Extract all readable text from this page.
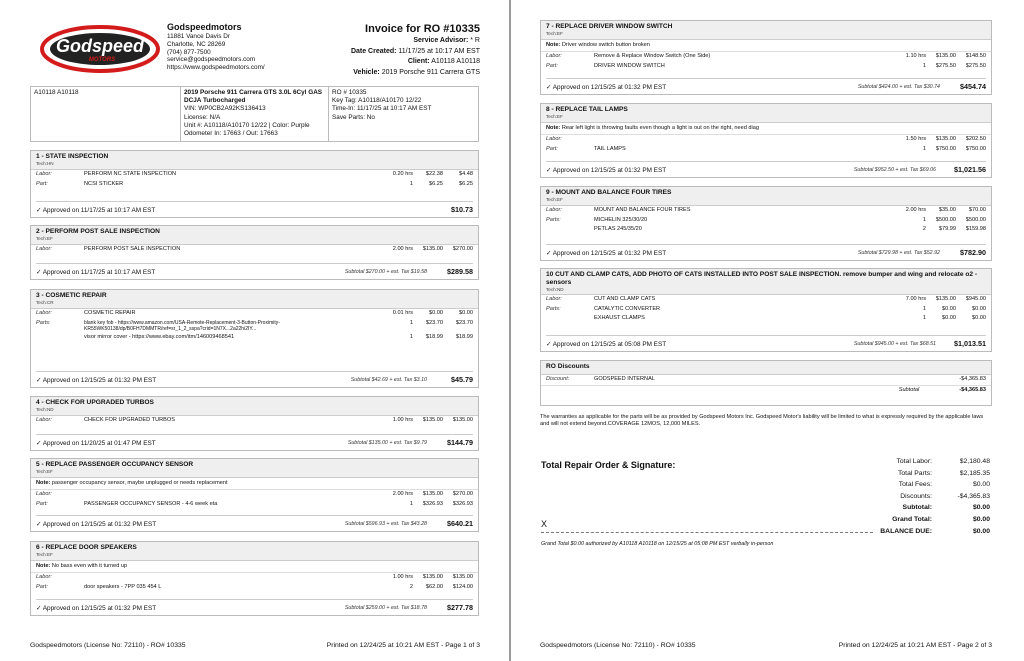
Godspeed
MOTORS
Godspeedmotors
11881 Vance Davis Dr
Charlotte, NC 28269
(704) 877-7500
service@godspeedmotors.com
https://www.godspeedmotors.com/
Invoice for RO #10335
Service Advisor: * R
Date Created: 11/17/25 at 10:17 AM EST
Client: A10118 A10118
Vehicle: 2019 Porsche 911 Carrera GTS
A10118 A10118	2019 Porsche 911 Carrera GTS 3.0L 6Cyl GAS
DCJA Turbocharged
VIN: WP0CB2A92KS136413
License: N/A
Unit #: A10118/A10170 12/22 | Color: Purple
Odometer In: 17663 / Out: 17663
RO # 10335
Key Tag: A10118/A10170 12/22
Time-In: 11/17/25 at 10:17 AM EST
Save Parts: No
1 - STATE INSPECTION
Tech:HN
Labor:	PERFORM NC STATE INSPECTION	0.20 hrs	$22.38	$4.48
Part:	NCSI STICKER	1	$6.25	$6.25
✓ Approved on 11/17/25 at 10:17 AM EST	$10.73
2 - PERFORM POST SALE INSPECTION
Tech:EF
Labor:	PERFORM POST SALE INSPECTION	2.00 hrs	$135.00	$270.00
✓ Approved on 11/17/25 at 10:17 AM EST	Subtotal $270.00 + est. Tax $19.58	$289.58
3 - COSMETIC REPAIR
Tech:CR
Labor:	COSMETIC REPAIR	0.01 hrs	$0.00	$0.00
Parts:	blank key fob - https://www.amazon.com/USA-Remote-Replacement-3-Button-Proximity-KR55WK50138/dp/B0FH7DMMTR/ref=sr_1_2_sspa?crid=1N7X...2a22hi2IY...
1	$23.70	$23.70
visor mirror cover - https://www.ebay.com/itm/146009468541	1	$18.99	$18.99
✓ Approved on 12/15/25 at 01:32 PM EST	Subtotal $42.69 + est. Tax $3.10	$45.79
4 - CHECK FOR UPGRADED TURBOS
Tech:ND
Labor:	CHECK FOR UPGRADED TURBOS	1.00 hrs	$135.00	$135.00
✓ Approved on 11/20/25 at 01:47 PM EST	Subtotal $135.00 + est. Tax $9.79	$144.79
5 - REPLACE PASSENGER OCCUPANCY SENSOR
Tech:EF
Note: passenger occupancy sensor, maybe unplugged or needs replacement
Labor:	2.00 hrs	$135.00	$270.00
Part:	PASSENGER OCCUPANCY SENSOR - 4-6 week eta	1	$326.93	$326.93
✓ Approved on 12/15/25 at 01:32 PM EST	Subtotal $596.93 + est. Tax $43.28	$640.21
6 - REPLACE DOOR SPEAKERS
Tech:EF
Note: No bass even with it turned up
Labor:	1.00 hrs	$135.00	$135.00
Part:	door speakers - 7PP 035 454 L	2	$62.00	$124.00
✓ Approved on 12/15/25 at 01:32 PM EST	Subtotal $259.00 + est. Tax $18.78	$277.78
Godspeedmotors (License No: 72110) - RO# 10335	Printed on 12/24/25 at 10:21 AM EST - Page 1 of 3
7 - REPLACE DRIVER WINDOW SWITCH
Tech:EF
Note: Driver window switch button broken
Labor:	Remove & Replace Window Switch (One Side)	1.10 hrs	$135.00	$148.50
Part:	DRIVER WINDOW SWITCH	1	$275.50	$275.50
✓ Approved on 12/15/25 at 01:32 PM EST	Subtotal $424.00 + est. Tax $30.74	$454.74
8 - REPLACE TAIL LAMPS
Tech:EF
Note: Rear left light is throwing faults even though a light is out on the right, need diag
Labor:	1.50 hrs	$135.00	$202.50
Part:	TAIL LAMPS	1	$750.00	$750.00
✓ Approved on 12/15/25 at 01:32 PM EST	Subtotal $952.50 + est. Tax $69.06	$1,021.56
9 - MOUNT AND BALANCE FOUR TIRES
Tech:EF
Labor:	MOUNT AND BALANCE FOUR TIRES	2.00 hrs	$35.00	$70.00
Parts:	MICHELIN 325/30/20	1	$500.00	$500.00
PETLAS 245/35/20	2	$79.99	$159.98
✓ Approved on 12/15/25 at 01:32 PM EST	Subtotal $729.98 + est. Tax $52.92	$782.90
10 CUT AND CLAMP CATS, ADD PHOTO OF CATS INSTALLED INTO POST SALE INSPECTION. remove bumper and wing and relocate o2 - sensors
Tech:ND
Labor:	CUT AND CLAMP CATS	7.00 hrs	$135.00	$945.00
Parts:	CATALYTIC CONVERTER	1	$0.00	$0.00
EXHAUST CLAMPS	1	$0.00	$0.00
✓ Approved on 12/15/25 at 05:08 PM EST	Subtotal $945.00 + est. Tax $68.51	$1,013.51
RO Discounts
Discount:	GODSPEED INTERNAL	-$4,365.83
Subtotal	-$4,365.83
Godspeedmotors (License No: 72110) - RO# 10335	Printed on 12/24/25 at 10:21 AM EST - Page 2 of 3
The warranties as applicable for the parts will be as provided by Godspeed Motors Inc. Godspeed Motor's liability will be limited to what is expressly required by the applicable laws and will not extend beyond.COVERAGE 12MOS, 12,000 MILES.
Total Repair Order & Signature:	Total Labor:	$2,180.48
Total Parts:	$2,185.35
Total Fees:	$0.00
Discounts:	-$4,365.83
Subtotal:	$0.00
Grand Total:	$0.00
BALANCE DUE:	$0.00
X
Grand Total $0.00 authorized by A10118 A10118 on 12/15/25 at 05:08 PM EST verbally in-person
